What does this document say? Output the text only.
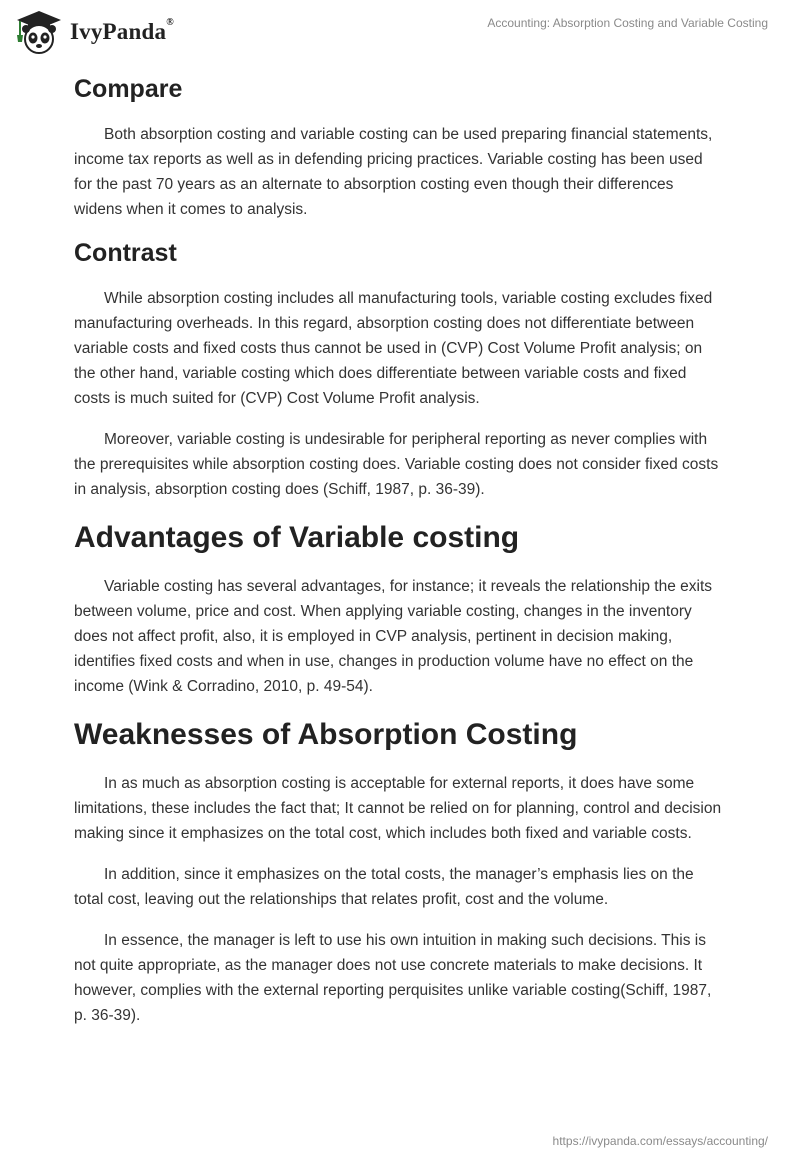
IvyPanda®	Accounting: Absorption Costing and Variable Costing
Compare

Both absorption costing and variable costing can be used preparing financial statements, income tax reports as well as in defending pricing practices. Variable costing has been used for the past 70 years as an alternate to absorption costing even though their differences widens when it comes to analysis.

Contrast

While absorption costing includes all manufacturing tools, variable costing excludes fixed manufacturing overheads. In this regard, absorption costing does not differentiate between variable costs and fixed costs thus cannot be used in (CVP) Cost Volume Profit analysis; on the other hand, variable costing which does differentiate between variable costs and fixed costs is much suited for (CVP) Cost Volume Profit analysis.

Moreover, variable costing is undesirable for peripheral reporting as never complies with the prerequisites while absorption costing does. Variable costing does not consider fixed costs in analysis, absorption costing does (Schiff, 1987, p. 36-39).

Advantages of Variable costing

Variable costing has several advantages, for instance; it reveals the relationship the exits between volume, price and cost. When applying variable costing, changes in the inventory does not affect profit, also, it is employed in CVP analysis, pertinent in decision making, identifies fixed costs and when in use, changes in production volume have no effect on the income (Wink & Corradino, 2010, p. 49-54).

Weaknesses of Absorption Costing

In as much as absorption costing is acceptable for external reports, it does have some limitations, these includes the fact that; It cannot be relied on for planning, control and decision making since it emphasizes on the total cost, which includes both fixed and variable costs.

In addition, since it emphasizes on the total costs, the manager’s emphasis lies on the total cost, leaving out the relationships that relates profit, cost and the volume.

In essence, the manager is left to use his own intuition in making such decisions. This is not quite appropriate, as the manager does not use concrete materials to make decisions. It however, complies with the external reporting perquisites unlike variable costing(Schiff, 1987, p. 36-39).

https://ivypanda.com/essays/accounting/
